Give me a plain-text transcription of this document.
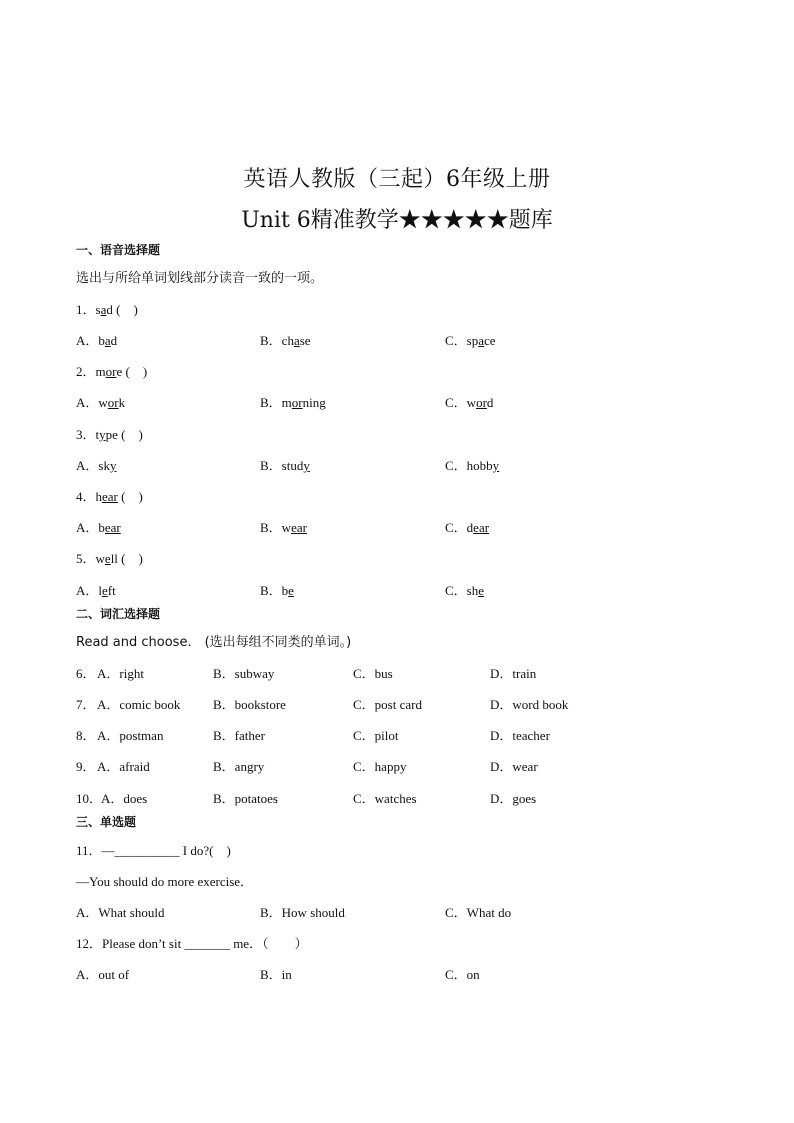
英语人教版（三起）6年级上册
Unit 6精准教学★★★★★题库
一、语音选择题
选出与所给单词划线部分读音一致的一项。
1．sad (　)
A．bad	B．chase	C．space
2．more (　)
A．work	B．morning	C．word
3．type (　)
A．sky	B．study	C．hobby
4．hear (　)
A．bear	B．wear	C．dear
5．well (　)
A．left	B．be	C．she
二、词汇选择题
Read and choose.　(选出每组不同类的单词。)
6． A．right	B．subway	C．bus	D．train
7． A．comic book	B．bookstore	C．post card	D．word book
8． A．postman	B．father	C．pilot	D．teacher
9． A．afraid	B．angry	C．happy	D．wear
10．
A．does	B．potatoes	C．watches	D．goes
三、单选题
11．—__________ I do?(　)
—You should do more exercise．
A．What should	B．How should	C．What do
12．Please don’t sit _______ me．（　　）
A．out of	B．in	C．on
